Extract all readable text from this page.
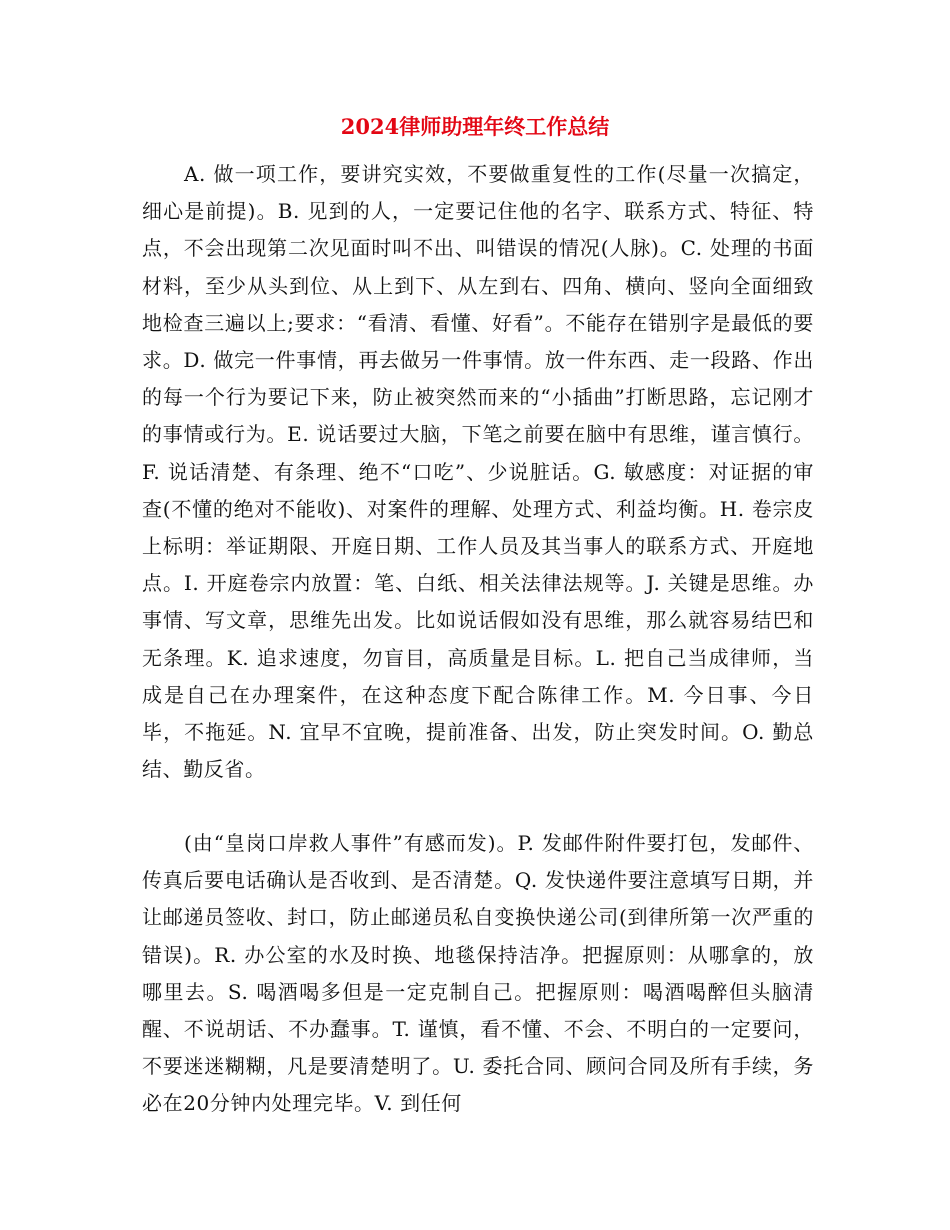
2024律师助理年终工作总结

A. 做一项工作，要讲究实效，不要做重复性的工作(尽量一次搞定，细心是前提)。B. 见到的人，一定要记住他的名字、联系方式、特征、特点，不会出现第二次见面时叫不出、叫错误的情况(人脉)。C. 处理的书面材料，至少从头到位、从上到下、从左到右、四角、横向、竖向全面细致地检查三遍以上;要求：“看清、看懂、好看”。不能存在错别字是最低的要求。D. 做完一件事情，再去做另一件事情。放一件东西、走一段路、作出的每一个行为要记下来，防止被突然而来的“小插曲”打断思路，忘记刚才的事情或行为。E. 说话要过大脑，下笔之前要在脑中有思维，谨言慎行。F. 说话清楚、有条理、绝不“口吃”、少说脏话。G. 敏感度：对证据的审查(不懂的绝对不能收)、对案件的理解、处理方式、利益均衡。H. 卷宗皮上标明：举证期限、开庭日期、工作人员及其当事人的联系方式、开庭地点。I. 开庭卷宗内放置：笔、白纸、相关法律法规等。J. 关键是思维。办事情、写文章，思维先出发。比如说话假如没有思维，那么就容易结巴和无条理。K. 追求速度，勿盲目，高质量是目标。L. 把自己当成律师，当成是自己在办理案件，在这种态度下配合陈律工作。M. 今日事、今日毕，不拖延。N. 宜早不宜晚，提前准备、出发，防止突发时间。O. 勤总结、勤反省。

(由“皇岗口岸救人事件”有感而发)。P. 发邮件附件要打包，发邮件、传真后要电话确认是否收到、是否清楚。Q. 发快递件要注意填写日期，并让邮递员签收、封口，防止邮递员私自变换快递公司(到律所第一次严重的错误)。R. 办公室的水及时换、地毯保持洁净。把握原则：从哪拿的，放哪里去。S. 喝酒喝多但是一定克制自己。把握原则：喝酒喝醉但头脑清醒、不说胡话、不办蠢事。T. 谨慎，看不懂、不会、不明白的一定要问，不要迷迷糊糊，凡是要清楚明了。U. 委托合同、顾问合同及所有手续，务必在20分钟内处理完毕。V. 到任何
